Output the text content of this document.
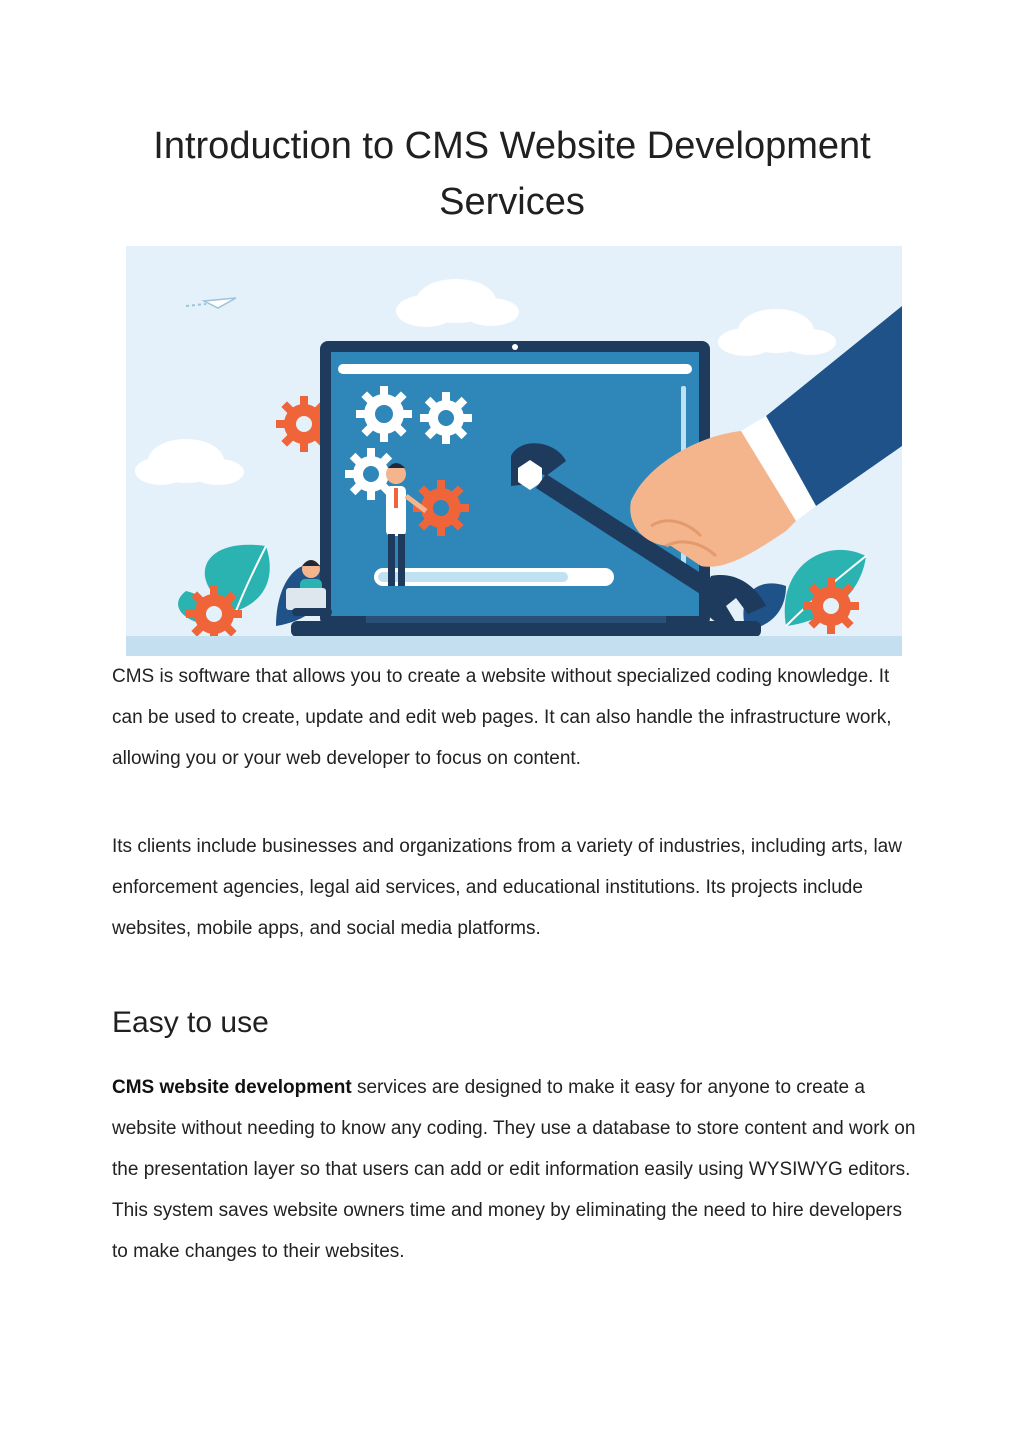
Introduction to CMS Website Development Services

CMS is software that allows you to create a website without specialized coding knowledge. It can be used to create, update and edit web pages. It can also handle the infrastructure work, allowing you or your web developer to focus on content.

Its clients include businesses and organizations from a variety of industries, including arts, law enforcement agencies, legal aid services, and educational institutions. Its projects include websites, mobile apps, and social media platforms.

Easy to use

CMS website development services are designed to make it easy for anyone to create a website without needing to know any coding. They use a database to store content and work on the presentation layer so that users can add or edit information easily using WYSIWYG editors. This system saves website owners time and money by eliminating the need to hire developers to make changes to their websites.
